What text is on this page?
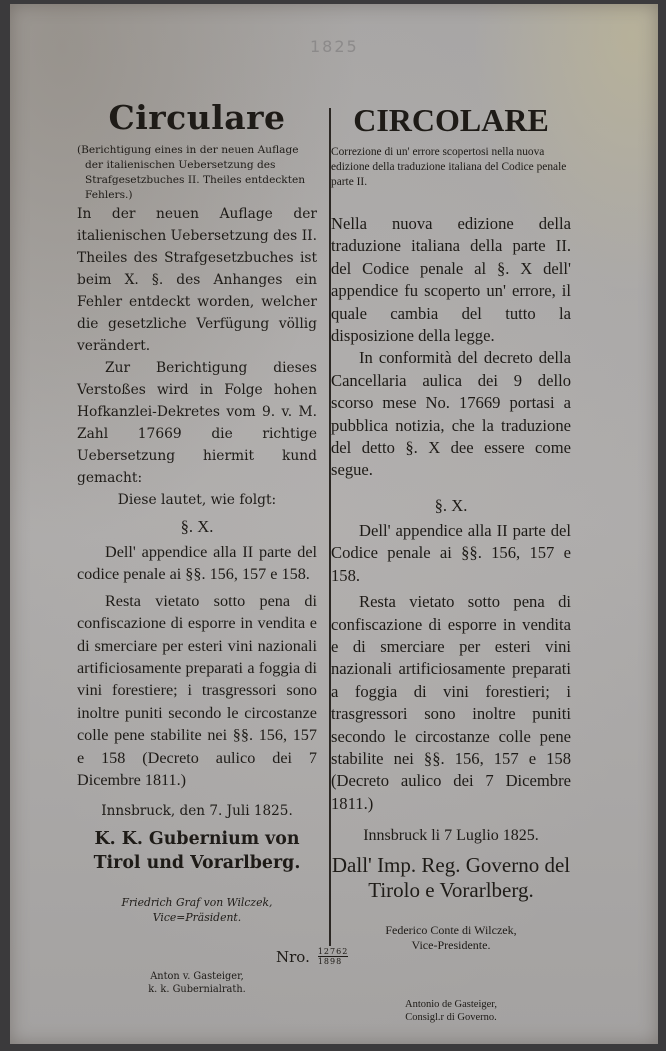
1825
Circulare

(Berichtigung eines in der neuen Auflage der italienischen Uebersetzung des Strafgesetzbuches II. Theiles entdeckten Fehlers.)

In der neuen Auflage der italienischen Uebersetzung des II. Theiles des Strafgesetzbuches ist beim X. §. des Anhanges ein Fehler entdeckt worden, welcher die gesetzliche Verfügung völlig verändert.

Zur Berichtigung dieses Verstoßes wird in Folge hohen Hofkanzlei-Dekretes vom 9. v. M. Zahl 17669 die richtige Uebersetzung hiermit kund gemacht:

Diese lautet, wie folgt:

§. X.

Dell' appendice alla II parte del codice penale ai §§. 156, 157 e 158.

Resta vietato sotto pena di confiscazione di esporre in vendita e di smerciare per esteri vini nazionali artificiosamente preparati a foggia di vini forestiere; i trasgressori sono inoltre puniti secondo le circostanze colle pene stabilite nei §§. 156, 157 e 158 (Decreto aulico dei 7 Dicembre 1811.)

Innsbruck, den 7. Juli 1825.

K. K. Gubernium von Tirol und Vorarlberg.

Friedrich Graf von Wilczek,
Vice=Präsident.

Anton v. Gasteiger,
k. k. Gubernialrath.

CIRCOLARE

Correzione di un' errore scopertosi nella nuova edizione della traduzione italiana del Codice penale parte II.

Nella nuova edizione della traduzione italiana della parte II. del Codice penale al §. X dell' appendice fu scoperto un' errore, il quale cambia del tutto la disposizione della legge.

In conformità del decreto della Cancellaria aulica dei 9 dello scorso mese No. 17669 portasi a pubblica notizia, che la traduzione del detto §. X dee essere come segue.

§. X.

Dell' appendice alla II parte del Codice penale ai §§. 156, 157 e 158.

Resta vietato sotto pena di confiscazione di esporre in vendita e di smerciare per esteri vini nazionali artificiosamente preparati a foggia di vini forestieri; i trasgressori sono inoltre puniti secondo le circostanze colle pene stabilite nei §§. 156, 157 e 158 (Decreto aulico dei 7 Dicembre 1811.)

Innsbruck li 7 Luglio 1825.

Dall' Imp. Reg. Governo del Tirolo e Vorarlberg.

Federico Conte di Wilczek,
Vice-Presidente.

Antonio de Gasteiger,
Consigl.r di Governo.

Nro. $\frac{12762}{1898}$
